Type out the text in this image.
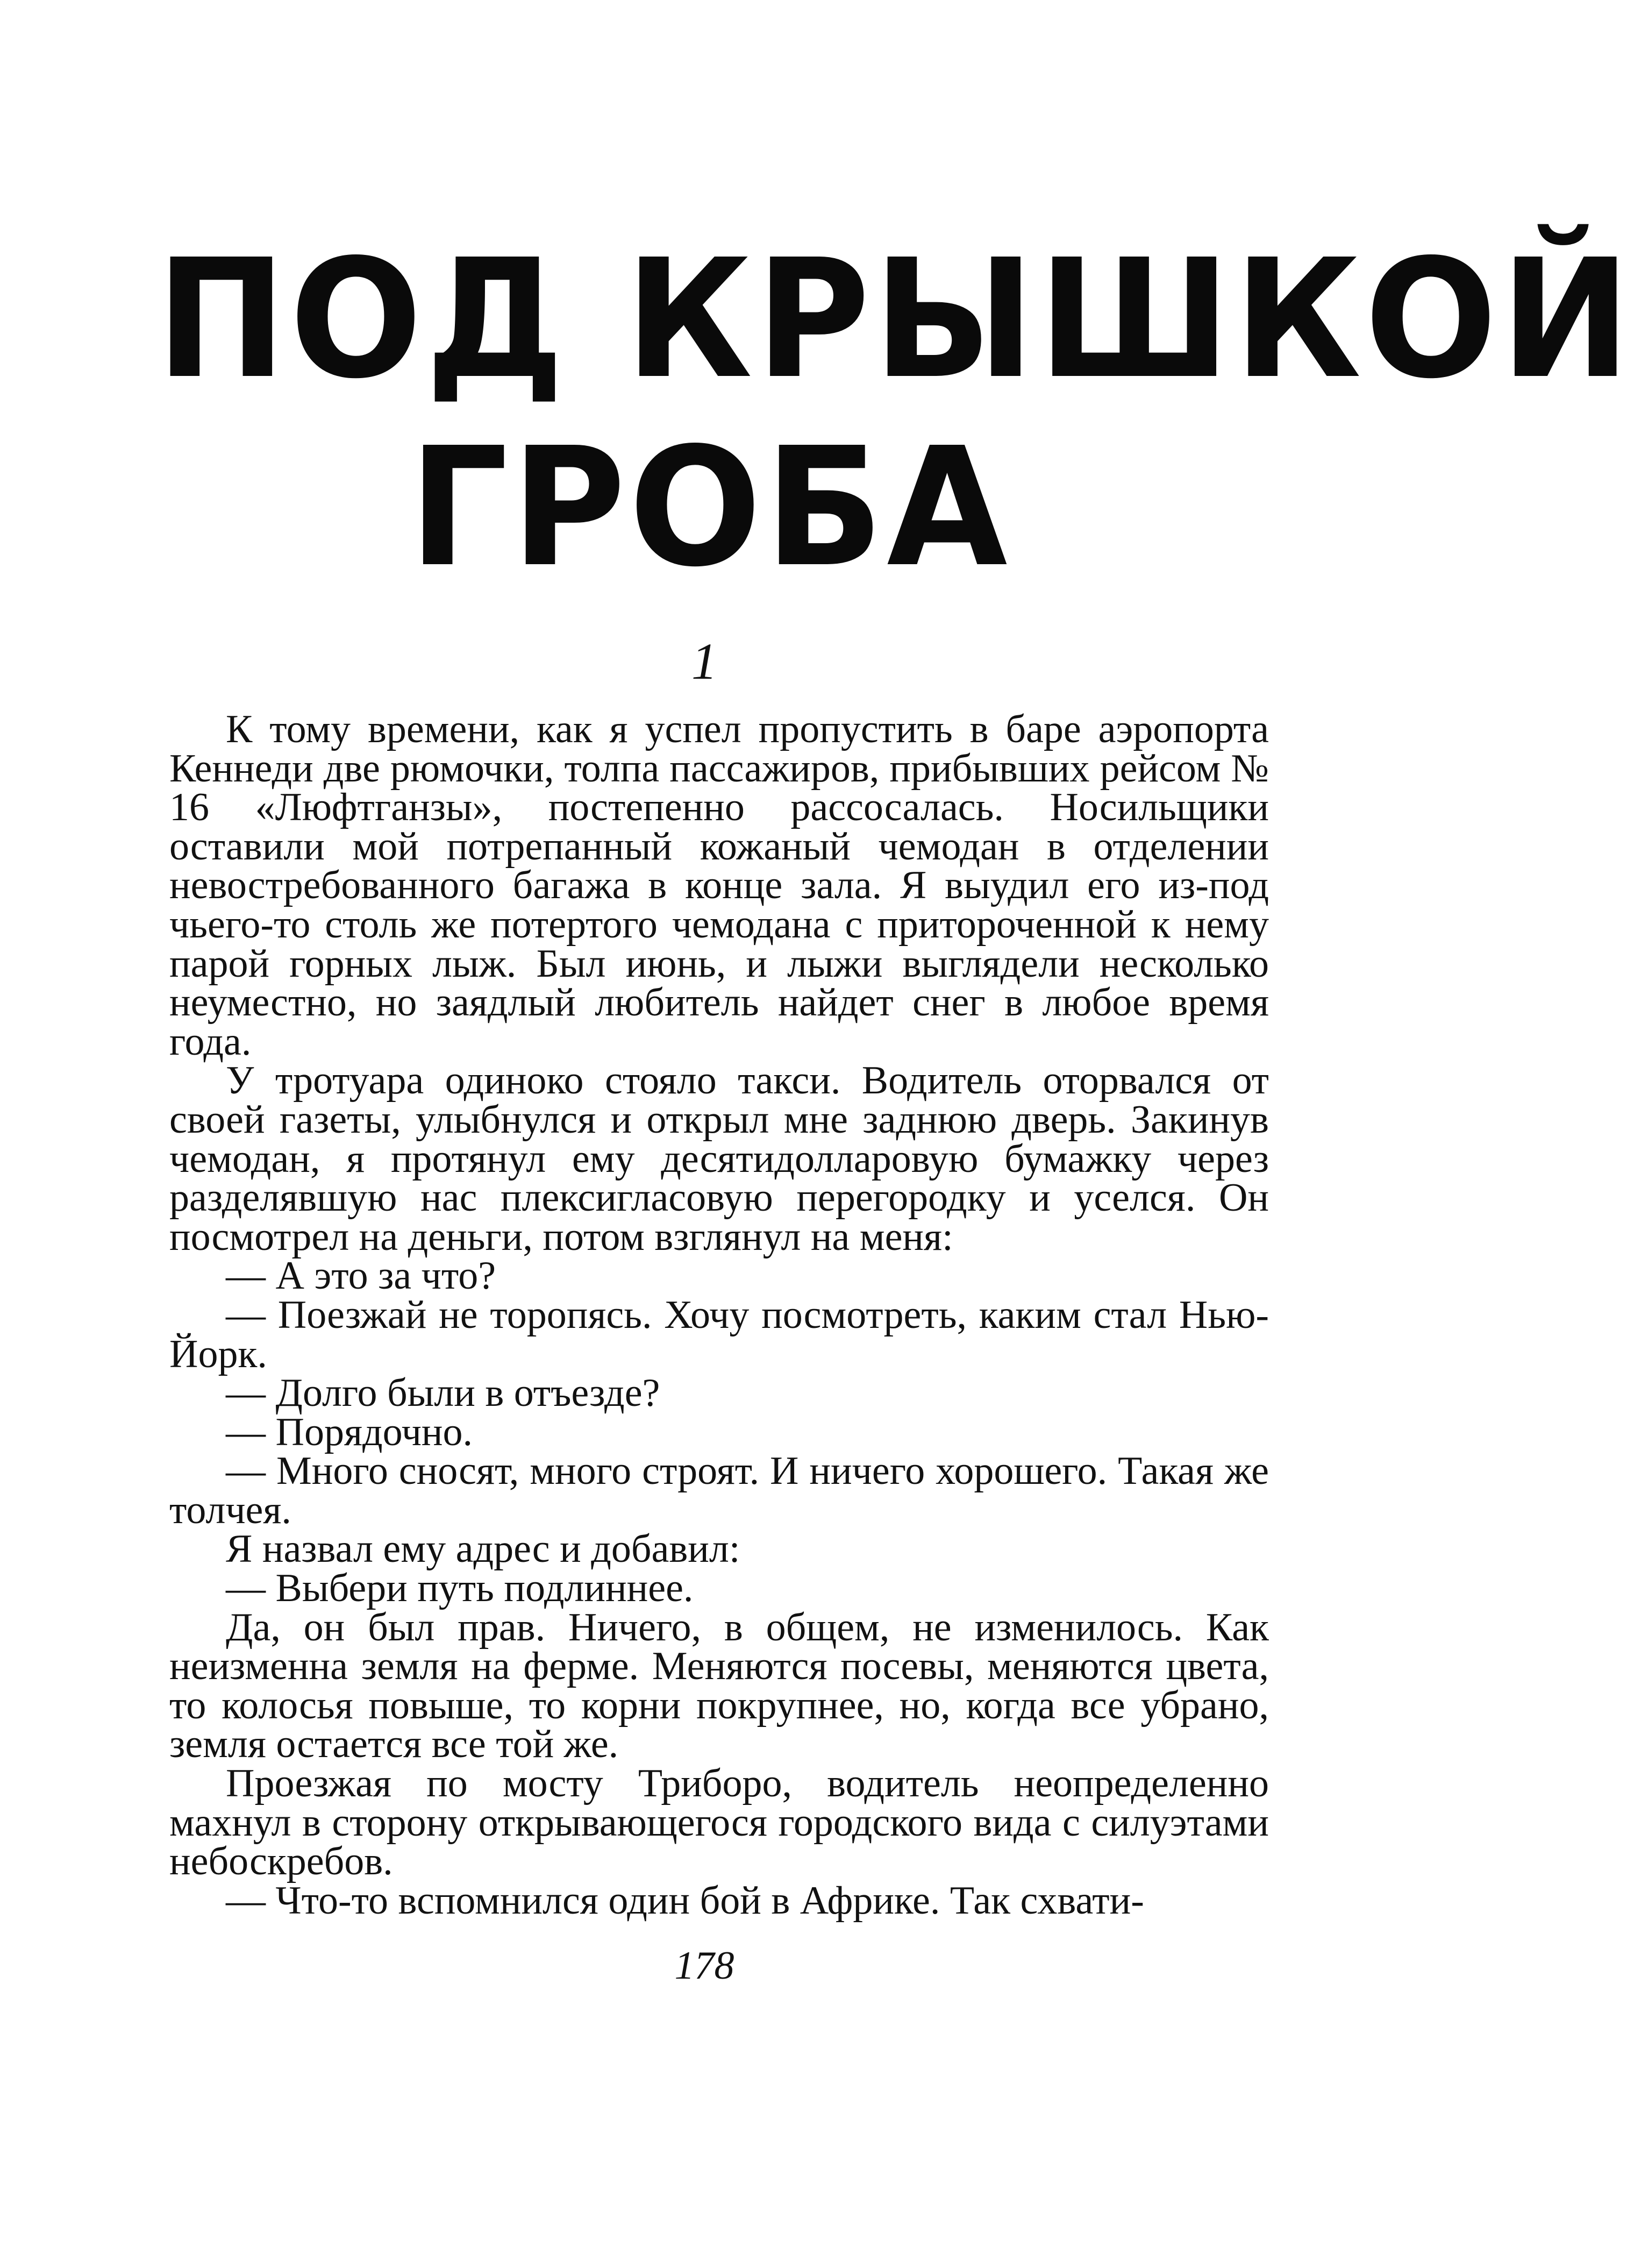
ПОД КРЫШКОЙ
ГРОБА
1

К тому времени, как я успел пропустить в баре аэропорта Кеннеди две рюмочки, толпа пассажиров, прибывших рейсом № 16 «Люфтганзы», постепенно рассосалась. Носильщики оставили мой потрепанный кожаный чемодан в отделении невостребованного багажа в конце зала. Я выудил его из-под чьего-то столь же потертого чемодана с приторочeнной к нему парой горных лыж. Был июнь, и лыжи выглядели несколько неуместно, но заядлый любитель найдет снег в любое время года.

У тротуара одиноко стояло такси. Водитель оторвался от своей газеты, улыбнулся и открыл мне заднюю дверь. Закинув чемодан, я протянул ему десятидолларовую бумажку через разделявшую нас плексигласовую перегородку и уселся. Он посмотрел на деньги, потом взглянул на меня:

— А это за что?

— Поезжай не торопясь. Хочу посмотреть, каким стал Нью-Йорк.

— Долго были в отъезде?

— Порядочно.

— Много сносят, много строят. И ничего хорошего. Такая же толчея.

Я назвал ему адрес и добавил:

— Выбери путь подлиннее.

Да, он был прав. Ничего, в общем, не изменилось. Как неизменна земля на ферме. Меняются посевы, меняются цвета, то колосья повыше, то корни покрупнее, но, когда все убрано, земля остается все той же.

Проезжая по мосту Триборо, водитель неопределенно махнул в сторону открывающегося городского вида с силуэтами небоскребов.

— Что-то вспомнился один бой в Африке. Так схвати-

178
